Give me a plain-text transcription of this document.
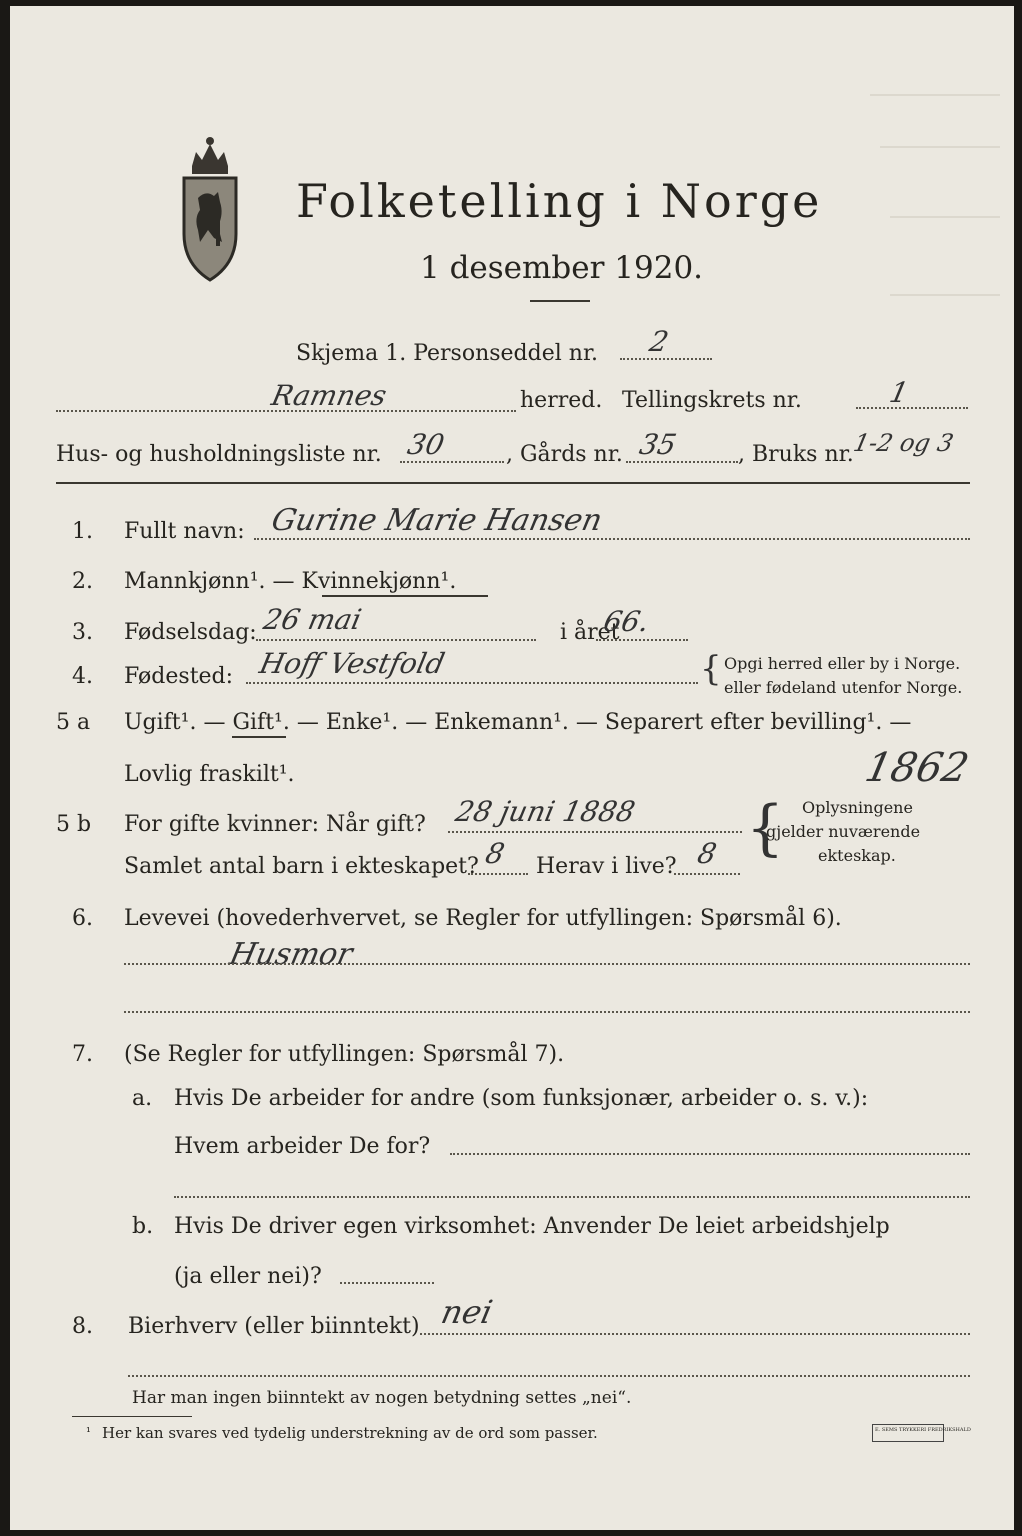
Folketelling i Norge
1 desember 1920.
Skjema 1. Personseddel nr. 2
Ramnes	herred. Tellingskrets nr.	1
Hus- og husholdningsliste nr. 30	, Gårds nr. 35	, Bruks nr.
1-2 og 3
1. Fullt navn: Gurine Marie Hansen
2. Mannkjønn¹. — Kvinnekjønn¹.
3. Fødselsdag: 26 mai	i året
66.
4. Fødested: Hoff Vestfold	{ Opgi herred eller by i Norge.
eller fødeland utenfor Norge.
5 a Ugift¹. — Gift¹. — Enke¹. — Enkemann¹. — Separert efter bevilling¹. —
Lovlig fraskilt¹.	1862
5 b For gifte kvinner: Når gift? 28 juni 1888
Samlet antal barn i ekteskapet? 8 Herav i live? 8 { Oplysningene
gjelder nuværende
ekteskap.
6. Levevei (hovederhvervet, se Regler for utfyllingen: Spørsmål 6).
Husmor
7. (Se Regler for utfyllingen: Spørsmål 7).
a. Hvis De arbeider for andre (som funksjonær, arbeider o. s. v.):
Hvem arbeider De for?
b. Hvis De driver egen virksomhet: Anvender De leiet arbeidshjelp
(ja eller nei)?
8. Bierhverv (eller biinntekt) nei
Har man ingen biinntekt av nogen betydning settes „nei“.
¹ Her kan svares ved tydelig understrekning av de ord som passer.	E. SEMS TRYKKERI FREDRIKSHALD
